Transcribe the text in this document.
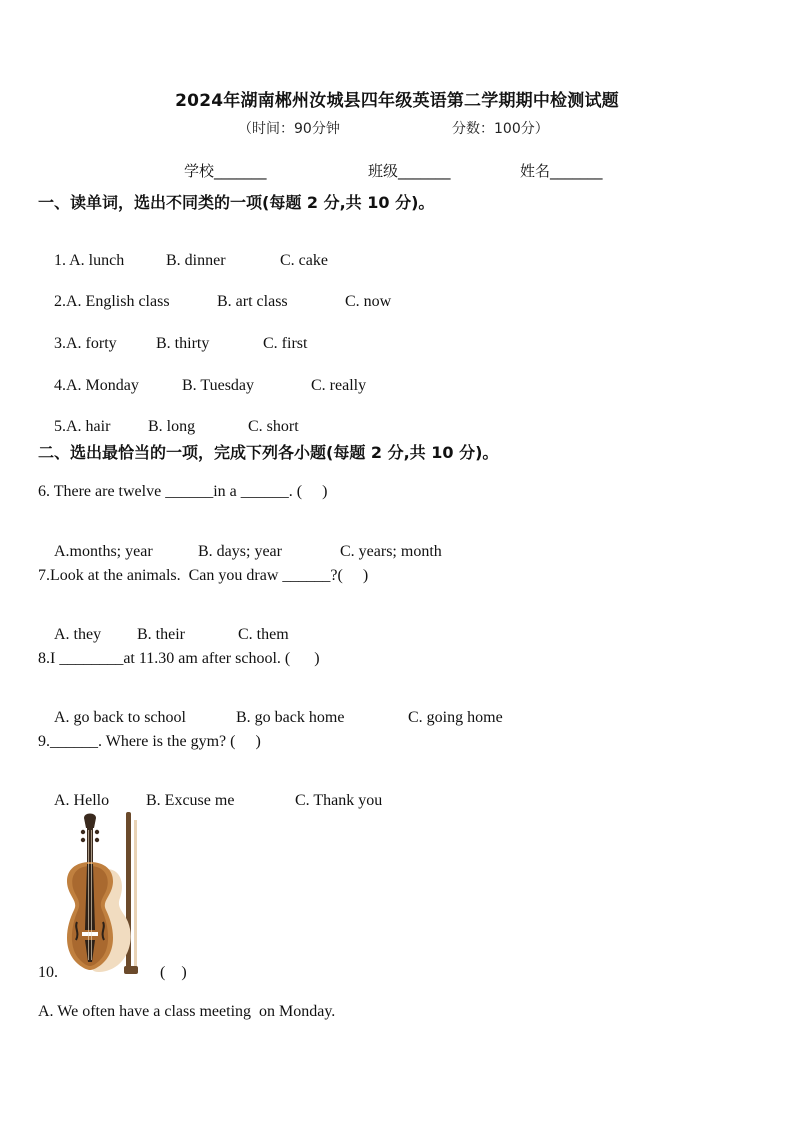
2024年湖南郴州汝城县四年级英语第二学期期中检测试题
（时间：90分钟	分数：100分）
学校_______	班级_______	姓名_______
一、读单词，选出不同类的一项(每题 2 分,共 10 分)。

1. A. lunch	B. dinner	C. cake

2.A. English class	B. art class	C. now

3.A. forty B. thirty	C. first

4.A. Monday	B. Tuesday	C. really

5.A. hair B. long	C. short

二、选出最恰当的一项，完成下列各小题(每题 2 分,共 10 分)。
6. There are twelve ______in a ______. (     )

A.months; year	B. days; year	C. years; month

7.Look at the animals.  Can you draw ______?(     )

A. they B. their	C. them

8.I ________at 11.30 am after school. (      )

A. go back to school	B. go back home	C. going home

9.______. Where is the gym? (     )

A. Hello B. Excuse me	C. Thank you

10.	(    )
A. We often have a class meeting  on Monday.
